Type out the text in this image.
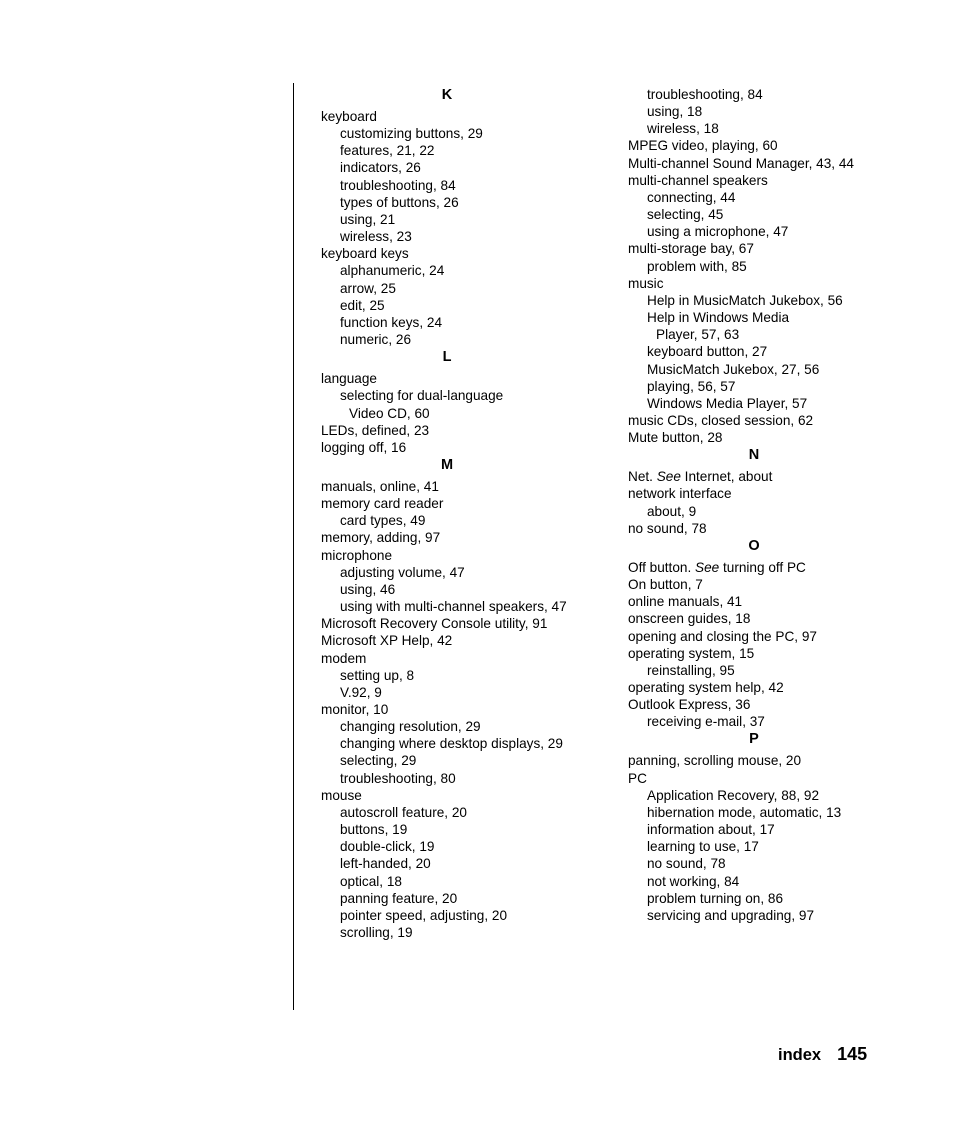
K
keyboard
customizing buttons, 29
features, 21, 22
indicators, 26
troubleshooting, 84
types of buttons, 26
using, 21
wireless, 23
keyboard keys
alphanumeric, 24
arrow, 25
edit, 25
function keys, 24
numeric, 26
L
language
selecting for dual-language
Video CD, 60
LEDs, defined, 23
logging off, 16
M
manuals, online, 41
memory card reader
card types, 49
memory, adding, 97
microphone
adjusting volume, 47
using, 46
using with multi-channel speakers, 47
Microsoft Recovery Console utility, 91
Microsoft XP Help, 42
modem
setting up, 8
V.92, 9
monitor, 10
changing resolution, 29
changing where desktop displays, 29
selecting, 29
troubleshooting, 80
mouse
autoscroll feature, 20
buttons, 19
double-click, 19
left-handed, 20
optical, 18
panning feature, 20
pointer speed, adjusting, 20
scrolling, 19
troubleshooting, 84
using, 18
wireless, 18
MPEG video, playing, 60
Multi-channel Sound Manager, 43, 44
multi-channel speakers
connecting, 44
selecting, 45
using a microphone, 47
multi-storage bay, 67
problem with, 85
music
Help in MusicMatch Jukebox, 56
Help in Windows Media
Player, 57, 63
keyboard button, 27
MusicMatch Jukebox, 27, 56
playing, 56, 57
Windows Media Player, 57
music CDs, closed session, 62
Mute button, 28
N
Net. See Internet, about
network interface
about, 9
no sound, 78
O
Off button. See turning off PC
On button, 7
online manuals, 41
onscreen guides, 18
opening and closing the PC, 97
operating system, 15
reinstalling, 95
operating system help, 42
Outlook Express, 36
receiving e-mail, 37
P
panning, scrolling mouse, 20
PC
Application Recovery, 88, 92
hibernation mode, automatic, 13
information about, 17
learning to use, 17
no sound, 78
not working, 84
problem turning on, 86
servicing and upgrading, 97
index 145
